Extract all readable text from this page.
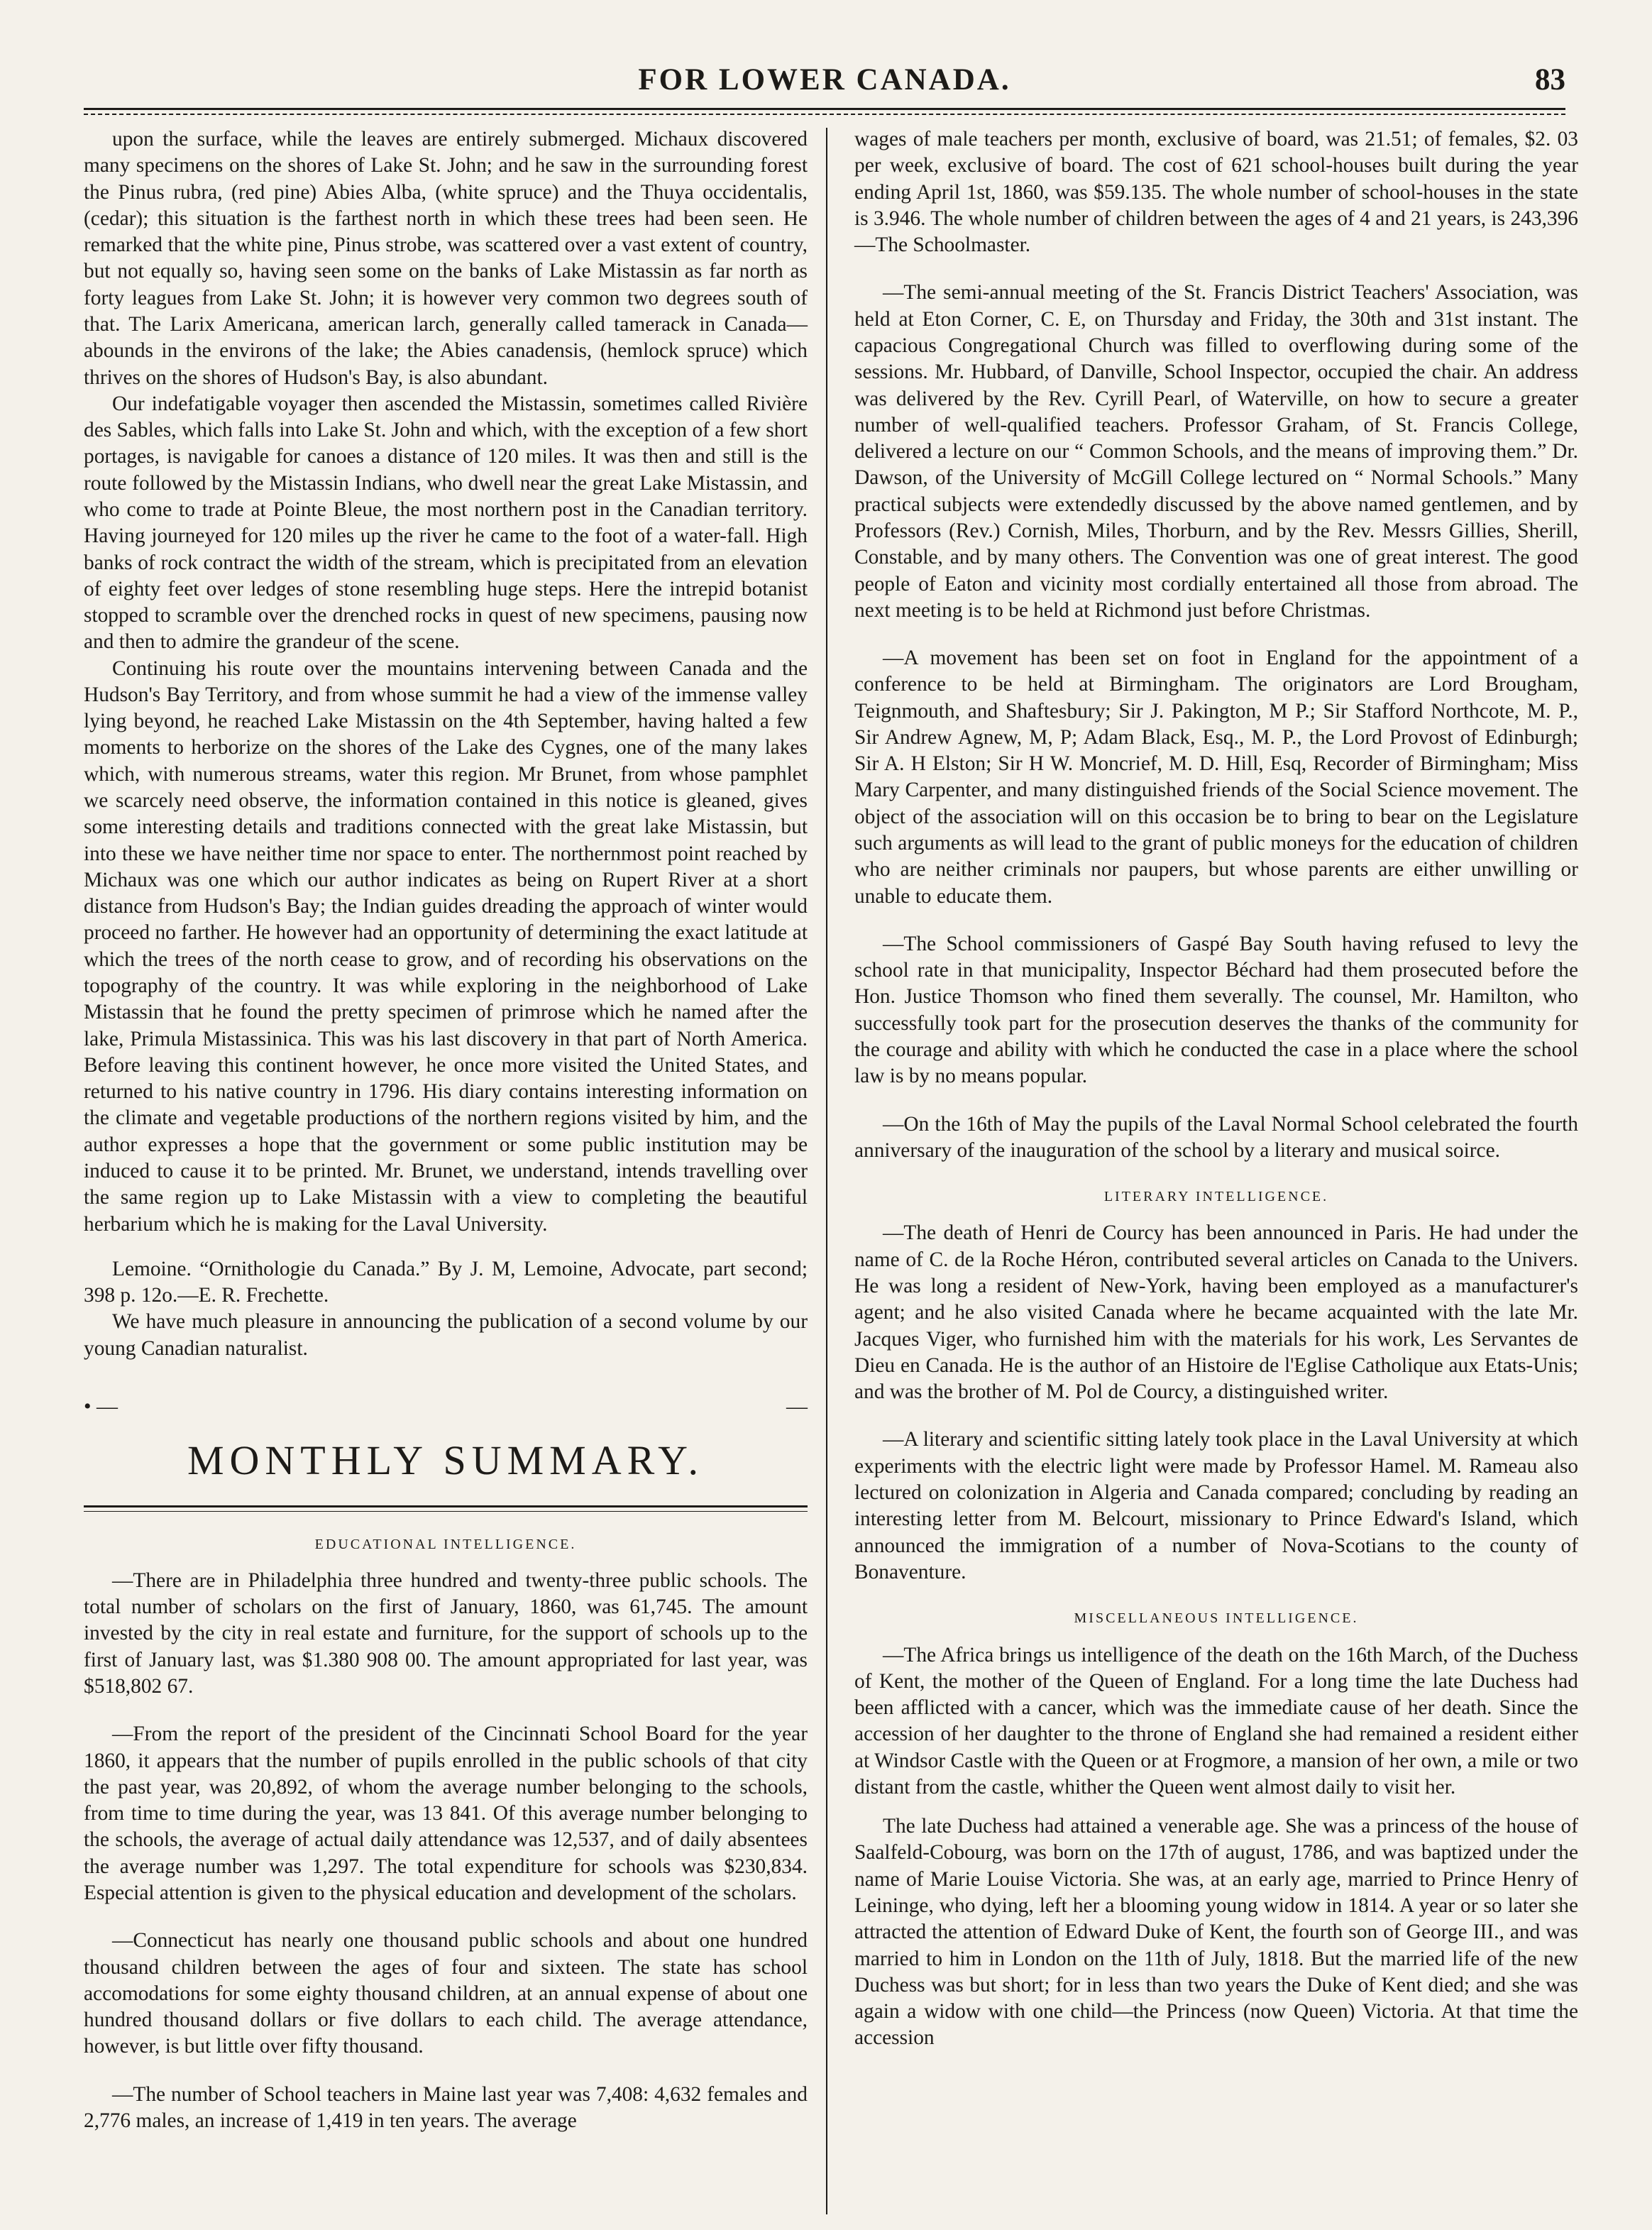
FOR LOWER CANADA.	83

upon the surface, while the leaves are entirely submerged. Michaux discovered many specimens on the shores of Lake St. John; and he saw in the surrounding forest the Pinus rubra, (red pine) Abies Alba, (white spruce) and the Thuya occidentalis, (cedar); this situation is the farthest north in which these trees had been seen. He remarked that the white pine, Pinus strobe, was scattered over a vast extent of country, but not equally so, having seen some on the banks of Lake Mistassin as far north as forty leagues from Lake St. John; it is however very common two degrees south of that. The Larix Americana, american larch, generally called tamerack in Canada—abounds in the environs of the lake; the Abies canadensis, (hemlock spruce) which thrives on the shores of Hudson's Bay, is also abundant.

Our indefatigable voyager then ascended the Mistassin, sometimes called Rivière des Sables, which falls into Lake St. John and which, with the exception of a few short portages, is navigable for canoes a distance of 120 miles. It was then and still is the route followed by the Mistassin Indians, who dwell near the great Lake Mistassin, and who come to trade at Pointe Bleue, the most northern post in the Canadian territory. Having journeyed for 120 miles up the river he came to the foot of a water-fall. High banks of rock contract the width of the stream, which is precipitated from an elevation of eighty feet over ledges of stone resembling huge steps. Here the intrepid botanist stopped to scramble over the drenched rocks in quest of new specimens, pausing now and then to admire the grandeur of the scene.

Continuing his route over the mountains intervening between Canada and the Hudson's Bay Territory, and from whose summit he had a view of the immense valley lying beyond, he reached Lake Mistassin on the 4th September, having halted a few moments to herborize on the shores of the Lake des Cygnes, one of the many lakes which, with numerous streams, water this region. Mr Brunet, from whose pamphlet we scarcely need observe, the information contained in this notice is gleaned, gives some interesting details and traditions connected with the great lake Mistassin, but into these we have neither time nor space to enter. The northernmost point reached by Michaux was one which our author indicates as being on Rupert River at a short distance from Hudson's Bay; the Indian guides dreading the approach of winter would proceed no farther. He however had an opportunity of determining the exact latitude at which the trees of the north cease to grow, and of recording his observations on the topography of the country. It was while exploring in the neighborhood of Lake Mistassin that he found the pretty specimen of primrose which he named after the lake, Primula Mistassinica. This was his last discovery in that part of North America. Before leaving this continent however, he once more visited the United States, and returned to his native country in 1796. His diary contains interesting information on the climate and vegetable productions of the northern regions visited by him, and the author expresses a hope that the government or some public institution may be induced to cause it to be printed. Mr. Brunet, we understand, intends travelling over the same region up to Lake Mistassin with a view to completing the beautiful herbarium which he is making for the Laval University.

Lemoine. “Ornithologie du Canada.” By J. M, Lemoine, Advocate, part second; 398 p. 12o.—E. R. Frechette.

We have much pleasure in announcing the publication of a second volume by our young Canadian naturalist.

• —	—
MONTHLY SUMMARY.
EDUCATIONAL INTELLIGENCE.

—There are in Philadelphia three hundred and twenty-three public schools. The total number of scholars on the first of January, 1860, was 61,745. The amount invested by the city in real estate and furniture, for the support of schools up to the first of January last, was $1.380 908 00. The amount appropriated for last year, was $518,802 67.

—From the report of the president of the Cincinnati School Board for the year 1860, it appears that the number of pupils enrolled in the public schools of that city the past year, was 20,892, of whom the average number belonging to the schools, from time to time during the year, was 13 841. Of this average number belonging to the schools, the average of actual daily attendance was 12,537, and of daily absentees the average number was 1,297. The total expenditure for schools was $230,834. Especial attention is given to the physical education and development of the scholars.

—Connecticut has nearly one thousand public schools and about one hundred thousand children between the ages of four and sixteen. The state has school accomodations for some eighty thousand children, at an annual expense of about one hundred thousand dollars or five dollars to each child. The average attendance, however, is but little over fifty thousand.

—The number of School teachers in Maine last year was 7,408: 4,632 females and 2,776 males, an increase of 1,419 in ten years. The average

wages of male teachers per month, exclusive of board, was 21.51; of females, $2. 03 per week, exclusive of board. The cost of 621 school-houses built during the year ending April 1st, 1860, was $59.135. The whole number of school-houses in the state is 3.946. The whole number of children between the ages of 4 and 21 years, is 243,396—The Schoolmaster.

—The semi-annual meeting of the St. Francis District Teachers' Association, was held at Eton Corner, C. E, on Thursday and Friday, the 30th and 31st instant. The capacious Congregational Church was filled to overflowing during some of the sessions. Mr. Hubbard, of Danville, School Inspector, occupied the chair. An address was delivered by the Rev. Cyrill Pearl, of Waterville, on how to secure a greater number of well-qualified teachers. Professor Graham, of St. Francis College, delivered a lecture on our “ Common Schools, and the means of improving them.” Dr. Dawson, of the University of McGill College lectured on “ Normal Schools.” Many practical subjects were extendedly discussed by the above named gentlemen, and by Professors (Rev.) Cornish, Miles, Thorburn, and by the Rev. Messrs Gillies, Sherill, Constable, and by many others. The Convention was one of great interest. The good people of Eaton and vicinity most cordially entertained all those from abroad. The next meeting is to be held at Richmond just before Christmas.

—A movement has been set on foot in England for the appointment of a conference to be held at Birmingham. The originators are Lord Brougham, Teignmouth, and Shaftesbury; Sir J. Pakington, M P.; Sir Stafford Northcote, M. P., Sir Andrew Agnew, M, P; Adam Black, Esq., M. P., the Lord Provost of Edinburgh; Sir A. H Elston; Sir H W. Moncrief, M. D. Hill, Esq, Recorder of Birmingham; Miss Mary Carpenter, and many distinguished friends of the Social Science movement. The object of the association will on this occasion be to bring to bear on the Legislature such arguments as will lead to the grant of public moneys for the education of children who are neither criminals nor paupers, but whose parents are either unwilling or unable to educate them.

—The School commissioners of Gaspé Bay South having refused to levy the school rate in that municipality, Inspector Béchard had them prosecuted before the Hon. Justice Thomson who fined them severally. The counsel, Mr. Hamilton, who successfully took part for the prosecution deserves the thanks of the community for the courage and ability with which he conducted the case in a place where the school law is by no means popular.

—On the 16th of May the pupils of the Laval Normal School celebrated the fourth anniversary of the inauguration of the school by a literary and musical soirce.

LITERARY INTELLIGENCE.

—The death of Henri de Courcy has been announced in Paris. He had under the name of C. de la Roche Héron, contributed several articles on Canada to the Univers. He was long a resident of New-York, having been employed as a manufacturer's agent; and he also visited Canada where he became acquainted with the late Mr. Jacques Viger, who furnished him with the materials for his work, Les Servantes de Dieu en Canada. He is the author of an Histoire de l'Eglise Catholique aux Etats-Unis; and was the brother of M. Pol de Courcy, a distinguished writer.

—A literary and scientific sitting lately took place in the Laval University at which experiments with the electric light were made by Professor Hamel. M. Rameau also lectured on colonization in Algeria and Canada compared; concluding by reading an interesting letter from M. Belcourt, missionary to Prince Edward's Island, which announced the immigration of a number of Nova-Scotians to the county of Bonaventure.

MISCELLANEOUS INTELLIGENCE.

—The Africa brings us intelligence of the death on the 16th March, of the Duchess of Kent, the mother of the Queen of England. For a long time the late Duchess had been afflicted with a cancer, which was the immediate cause of her death. Since the accession of her daughter to the throne of England she had remained a resident either at Windsor Castle with the Queen or at Frogmore, a mansion of her own, a mile or two distant from the castle, whither the Queen went almost daily to visit her.

The late Duchess had attained a venerable age. She was a princess of the house of Saalfeld-Cobourg, was born on the 17th of august, 1786, and was baptized under the name of Marie Louise Victoria. She was, at an early age, married to Prince Henry of Leininge, who dying, left her a blooming young widow in 1814. A year or so later she attracted the attention of Edward Duke of Kent, the fourth son of George III., and was married to him in London on the 11th of July, 1818. But the married life of the new Duchess was but short; for in less than two years the Duke of Kent died; and she was again a widow with one child—the Princess (now Queen) Victoria. At that time the accession
